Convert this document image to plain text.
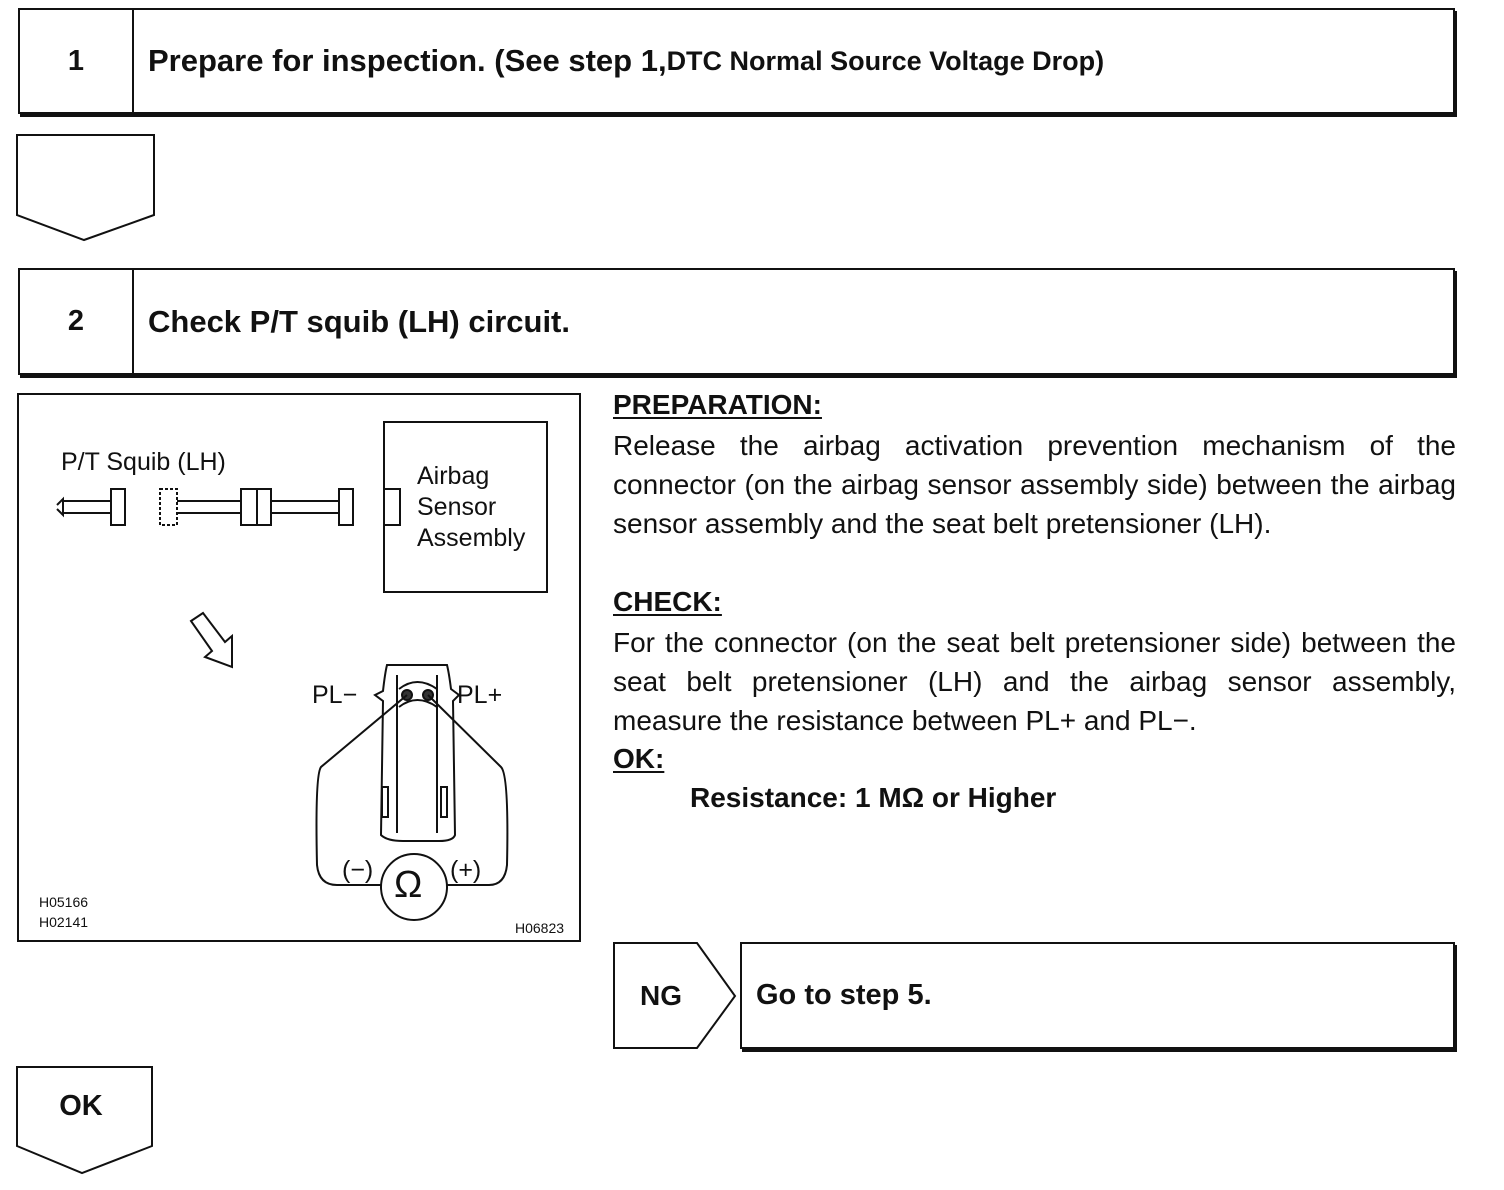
1	Prepare for inspection. (See step 1, DTC Normal Source Voltage Drop)
2	Check P/T squib (LH) circuit.
P/T Squib (LH)	Airbag
Sensor
Assembly
PL−	PL+
(−)	(+)
Ω
H05166
H02141	H06823
PREPARATION:
Release the airbag activation prevention mechanism of the connector (on the airbag sensor assembly side) between the airbag sensor assembly and the seat belt pretensioner (LH).
CHECK:
For the connector (on the seat belt pretensioner side) between the seat belt pretensioner (LH) and the airbag sensor assembly, measure the resistance between PL+ and PL−.
OK:
Resistance: 1 MΩ or Higher
NG	Go to step 5.
OK
